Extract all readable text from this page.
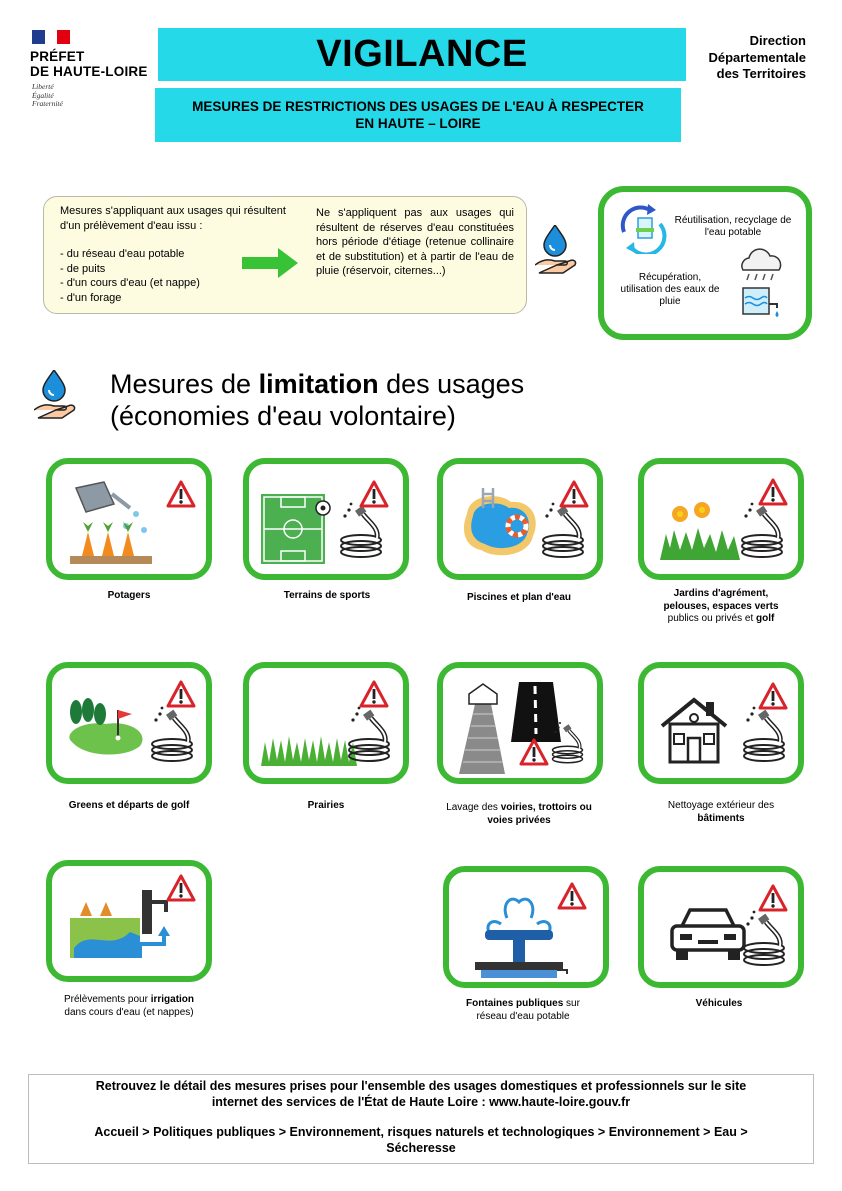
PRÉFET
DE HAUTE-LOIRE
Liberté
Égalité
Fraternité
VIGILANCE
MESURES DE RESTRICTIONS DES USAGES DE L'EAU À RESPECTER
EN HAUTE – LOIRE
Direction
Départementale
des Territoires
Mesures s'appliquant aux usages qui résultent d'un prélèvement d'eau issu :
- du réseau d'eau potable
- de puits
- d'un cours d'eau (et nappe)
- d'un forage
Ne s'appliquent pas aux usages qui résultent de réserves d'eau constituées hors période d'étiage (retenue collinaire et de substitution) et à partir de l'eau de pluie (réservoir, citernes...)
Réutilisation, recyclage de l'eau potable
Récupération, utilisation des eaux de pluie
Mesures de limitation des usages
(économies d'eau volontaire)
Potagers	Terrains de sports	Piscines et plan d'eau	Jardins d'agrément,
pelouses, espaces verts
publics ou privés et golf
Greens et départs de golf	Prairies	Lavage des voiries, trottoirs ou voies privées
Nettoyage extérieur des
bâtiments
Prélèvements pour irrigation
dans cours d'eau (et nappes)
Fontaines publiques sur
réseau d'eau potable
Véhicules
Retrouvez le détail des mesures prises pour l'ensemble des usages domestiques et professionnels sur le site
internet des services de l'État de Haute Loire : www.haute-loire.gouv.fr
Accueil > Politiques publiques > Environnement, risques naturels et technologiques > Environnement > Eau >
Sécheresse
